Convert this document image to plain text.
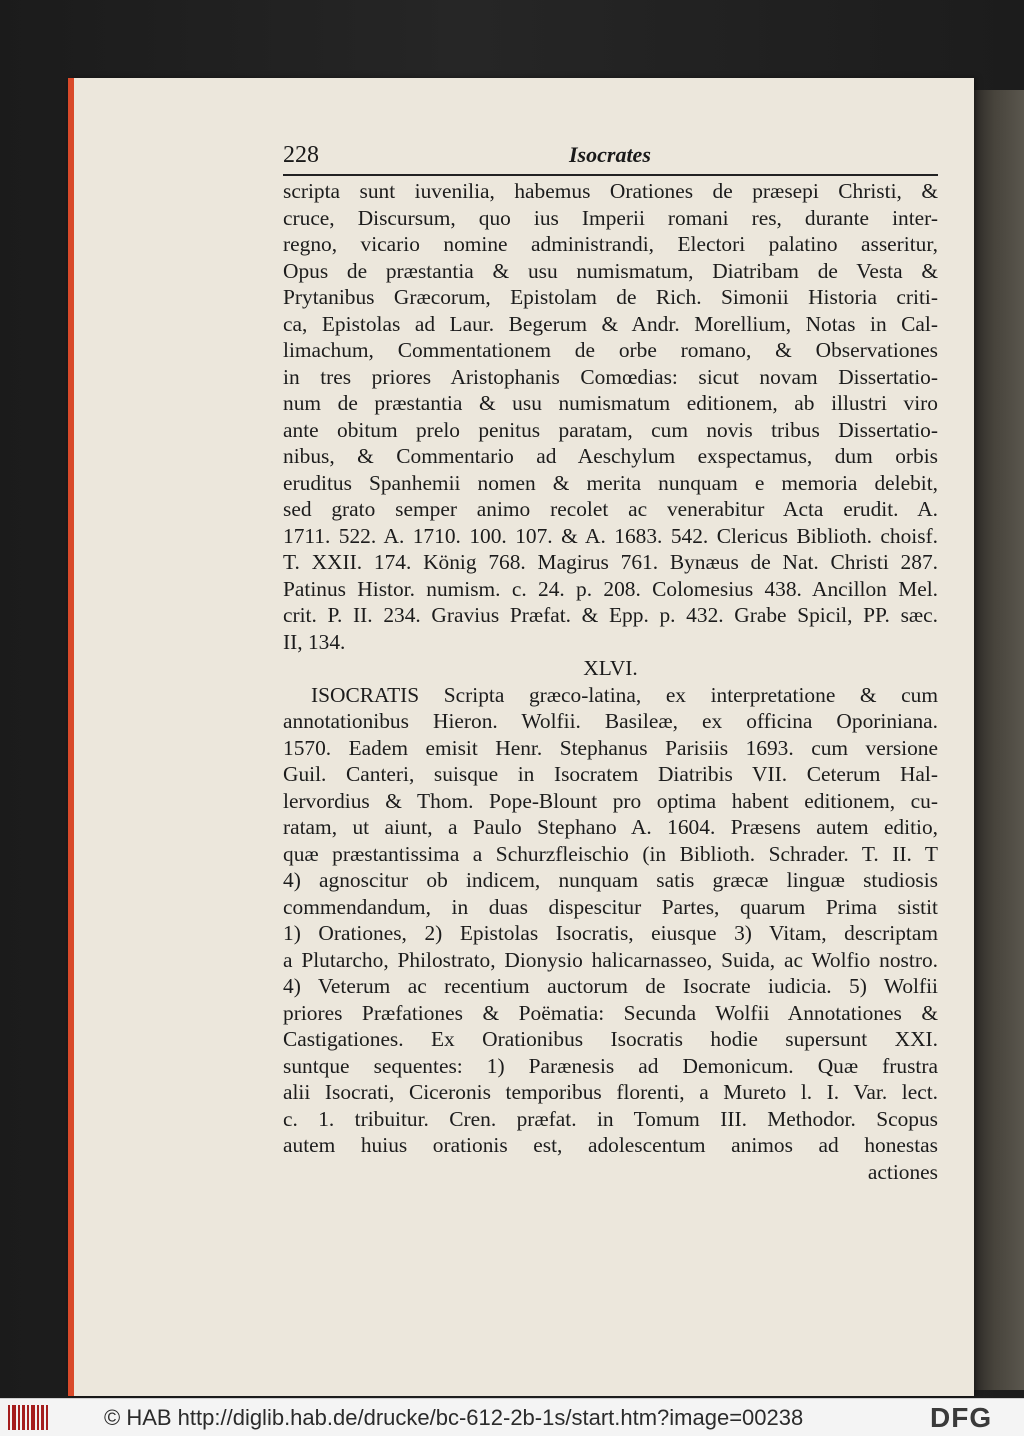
228	Isocrates
scripta sunt iuvenilia, habemus Orationes de præsepi Christi, &
cruce, Discursum, quo ius Imperii romani res, durante inter-
regno, vicario nomine administrandi, Electori palatino asseritur,
Opus de præstantia & usu numismatum, Diatribam de Vesta &
Prytanibus Græcorum, Epistolam de Rich. Simonii Historia criti-
ca, Epistolas ad Laur. Begerum & Andr. Morellium, Notas in Cal-
limachum, Commentationem de orbe romano, & Observationes
in tres priores Aristophanis Comœdias: sicut novam Dissertatio-
num de præstantia & usu numismatum editionem, ab illustri viro
ante obitum prelo penitus paratam, cum novis tribus Dissertatio-
nibus, & Commentario ad Aeschylum exspectamus, dum orbis
eruditus Spanhemii nomen & merita nunquam e memoria delebit,
sed grato semper animo recolet ac venerabitur Acta erudit. A.
1711. 522. A. 1710. 100. 107. & A. 1683. 542. Clericus Biblioth. choisf.
T. XXII. 174. König 768. Magirus 761. Bynæus de Nat. Christi 287.
Patinus Histor. numism. c. 24. p. 208. Colomesius 438. Ancillon Mel.
crit. P. II. 234. Gravius Præfat. & Epp. p. 432. Grabe Spicil, PP. sæc.
II, 134.
XLVI.
ISOCRATIS Scripta græco-latina, ex interpretatione & cum
annotationibus Hieron. Wolfii. Basileæ, ex officina Oporiniana.
1570. Eadem emisit Henr. Stephanus Parisiis 1693. cum versione
Guil. Canteri, suisque in Isocratem Diatribis VII. Ceterum Hal-
lervordius & Thom. Pope-Blount pro optima habent editionem, cu-
ratam, ut aiunt, a Paulo Stephano A. 1604. Præsens autem editio,
quæ præstantissima a Schurzfleischio (in Biblioth. Schrader. T. II. T
4) agnoscitur ob indicem, nunquam satis græcæ linguæ studiosis
commendandum, in duas dispescitur Partes, quarum Prima sistit
1) Orationes, 2) Epistolas Isocratis, eiusque 3) Vitam, descriptam
a Plutarcho, Philostrato, Dionysio halicarnasseo, Suida, ac Wolfio nostro.
4) Veterum ac recentium auctorum de Isocrate iudicia. 5) Wolfii
priores Præfationes & Poëmatia: Secunda Wolfii Annotationes &
Castigationes. Ex Orationibus Isocratis hodie supersunt XXI.
suntque sequentes: 1) Parænesis ad Demonicum. Quæ frustra
alii Isocrati, Ciceronis temporibus florenti, a Mureto l. I. Var. lect.
c. 1. tribuitur. Cren. præfat. in Tomum III. Methodor. Scopus
autem huius orationis est, adolescentum animos ad honestas
actiones
© HAB http://diglib.hab.de/drucke/bc-612-2b-1s/start.htm?image=00238	DFG
